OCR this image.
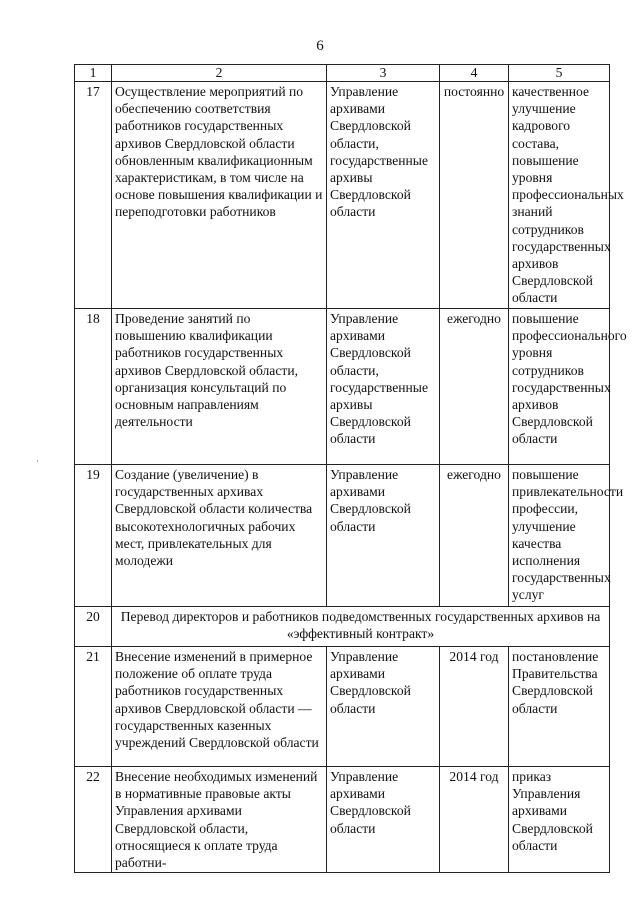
6
·
1	2	3	4	5
17	Осуществление мероприятий по обеспечению соответствия работников государственных архивов Свердловской области обновленным квалификационным характеристикам, в том числе на основе повышения квалификации и переподготовки работников	Управление архивами Свердловской области, государственные архивы Свердловской области	постоянно	качественное улучшение кадрового состава, повышение уровня профессиональных знаний сотрудников государственных архивов Свердловской области
18	Проведение занятий по повышению квалификации работников государственных архивов Свердловской области, организация консультаций по основным направлениям деятельности	Управление архивами Свердловской области, государственные архивы Свердловской области	ежегодно	повышение профессионального уровня сотрудников государственных архивов Свердловской области
19	Создание (увеличение) в государственных архивах Свердловской области количества высокотехнологичных рабочих мест, привлекательных для молодежи	Управление архивами Свердловской области	ежегодно	повышение привлекательности профессии, улучшение качества исполнения государственных услуг
20	Перевод директоров и работников подведомственных государственных архивов на «эффективный контракт»			
21	Внесение изменений в примерное положение об оплате труда работников государственных архивов Свердловской области — государственных казенных учреждений Свердловской области	Управление архивами Свердловской области	2014 год	постановление Правительства Свердловской области
22	Внесение необходимых изменений в нормативные правовые акты Управления архивами Свердловской области, относящиеся к оплате труда работни-	Управление архивами Свердловской области	2014 год	приказ Управления архивами Свердловской области
